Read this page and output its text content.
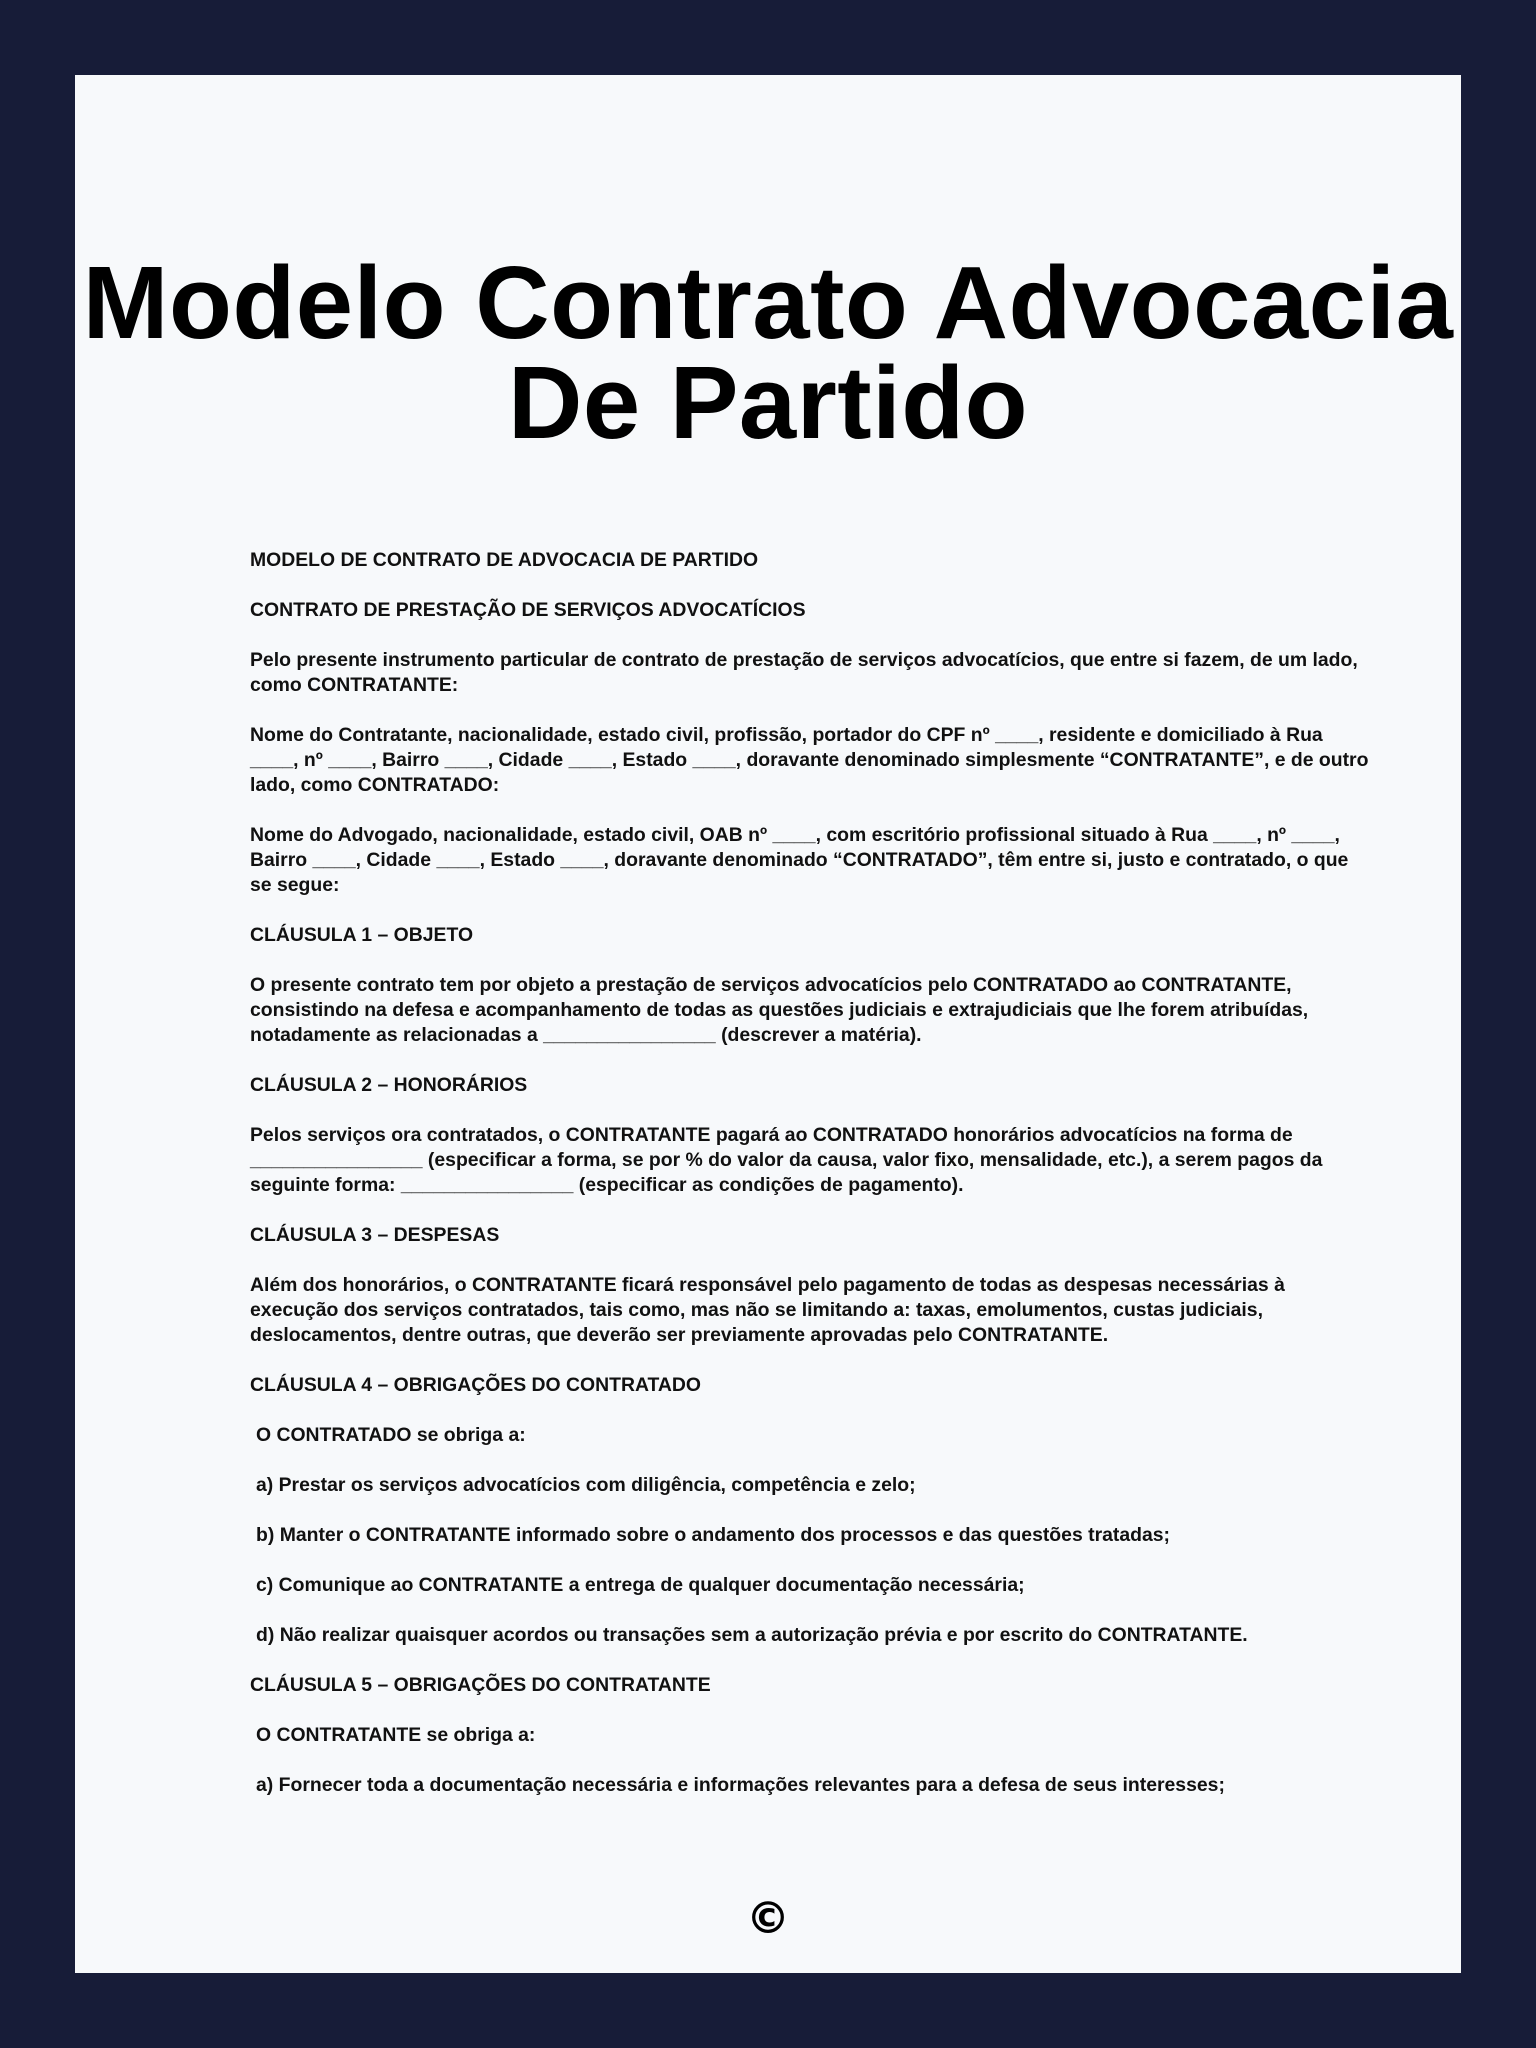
Modelo Contrato Advocacia
De Partido

MODELO DE CONTRATO DE ADVOCACIA DE PARTIDO

CONTRATO DE PRESTAÇÃO DE SERVIÇOS ADVOCATÍCIOS

Pelo presente instrumento particular de contrato de prestação de serviços advocatícios, que entre si fazem, de um lado, como CONTRATANTE:

Nome do Contratante, nacionalidade, estado civil, profissão, portador do CPF nº ____, residente e domiciliado à Rua ____, nº ____, Bairro ____, Cidade ____, Estado ____, doravante denominado simplesmente “CONTRATANTE”, e de outro lado, como CONTRATADO:

Nome do Advogado, nacionalidade, estado civil, OAB nº ____, com escritório profissional situado à Rua ____, nº ____, Bairro ____, Cidade ____, Estado ____, doravante denominado “CONTRATADO”, têm entre si, justo e contratado, o que se segue:

CLÁUSULA 1 – OBJETO

O presente contrato tem por objeto a prestação de serviços advocatícios pelo CONTRATADO ao CONTRATANTE, consistindo na defesa e acompanhamento de todas as questões judiciais e extrajudiciais que lhe forem atribuídas, notadamente as relacionadas a ________________ (descrever a matéria).

CLÁUSULA 2 – HONORÁRIOS

Pelos serviços ora contratados, o CONTRATANTE pagará ao CONTRATADO honorários advocatícios na forma de ________________ (especificar a forma, se por % do valor da causa, valor fixo, mensalidade, etc.), a serem pagos da seguinte forma: ________________ (especificar as condições de pagamento).

CLÁUSULA 3 – DESPESAS

Além dos honorários, o CONTRATANTE ficará responsável pelo pagamento de todas as despesas necessárias à execução dos serviços contratados, tais como, mas não se limitando a: taxas, emolumentos, custas judiciais, deslocamentos, dentre outras, que deverão ser previamente aprovadas pelo CONTRATANTE.

CLÁUSULA 4 – OBRIGAÇÕES DO CONTRATADO

O CONTRATADO se obriga a:

a) Prestar os serviços advocatícios com diligência, competência e zelo;

b) Manter o CONTRATANTE informado sobre o andamento dos processos e das questões tratadas;

c) Comunique ao CONTRATANTE a entrega de qualquer documentação necessária;

d) Não realizar quaisquer acordos ou transações sem a autorização prévia e por escrito do CONTRATANTE.

CLÁUSULA 5 – OBRIGAÇÕES DO CONTRATANTE

O CONTRATANTE se obriga a:

a) Fornecer toda a documentação necessária e informações relevantes para a defesa de seus interesses;

©
